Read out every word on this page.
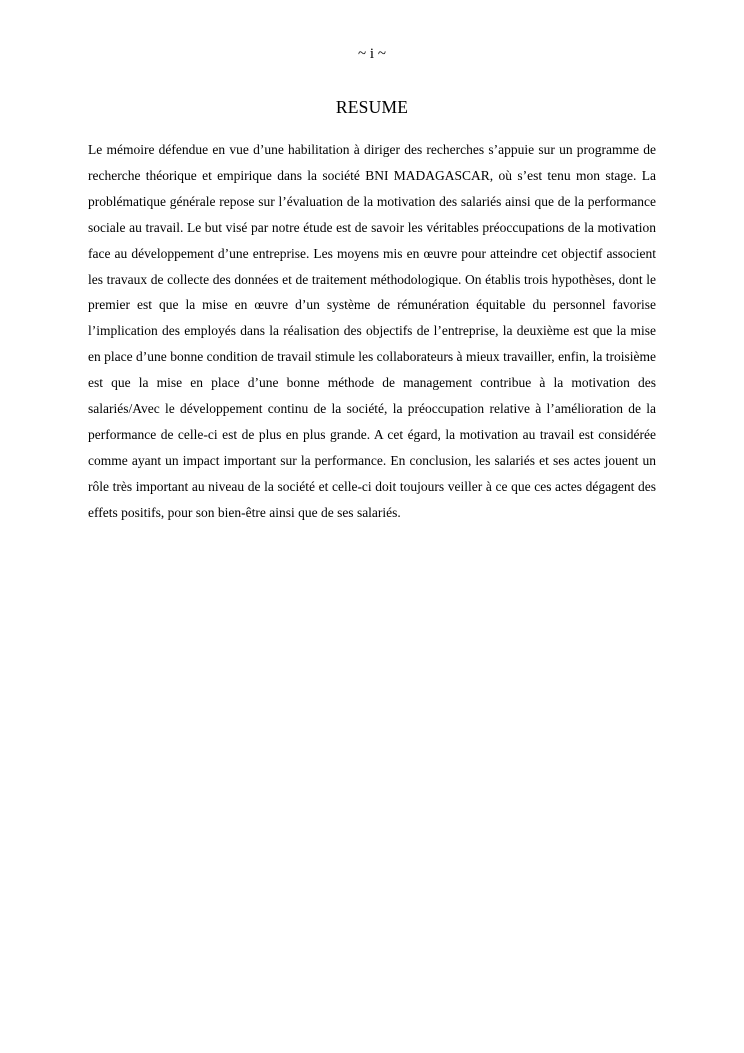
~ i ~
RESUME

Le mémoire défendue en vue d’une habilitation à diriger des recherches s’appuie sur un programme de recherche théorique et empirique dans la société BNI MADAGASCAR, où s’est tenu mon stage. La problématique générale repose sur l’évaluation de la motivation des salariés ainsi que de la performance sociale au travail. Le but visé par notre étude est de savoir les véritables préoccupations de la motivation face au développement d’une entreprise. Les moyens mis en œuvre pour atteindre cet objectif associent les travaux de collecte des données et de traitement méthodologique. On établis trois hypothèses, dont le premier est que la mise en œuvre d’un système de rémunération équitable du personnel favorise l’implication des employés dans la réalisation des objectifs de l’entreprise, la deuxième est que la mise en place d’une bonne condition de travail stimule les collaborateurs à mieux travailler, enfin, la troisième est que la mise en place d’une bonne méthode de management contribue à la motivation des salariés/Avec le développement continu de la société, la préoccupation relative à l’amélioration de la performance de celle-ci est de plus en plus grande. A cet égard, la motivation au travail est considérée comme ayant un impact important sur la performance. En conclusion, les salariés et ses actes jouent un rôle très important au niveau de la société et celle-ci doit toujours veiller à ce que ces actes dégagent des effets positifs, pour son bien-être ainsi que de ses salariés.
